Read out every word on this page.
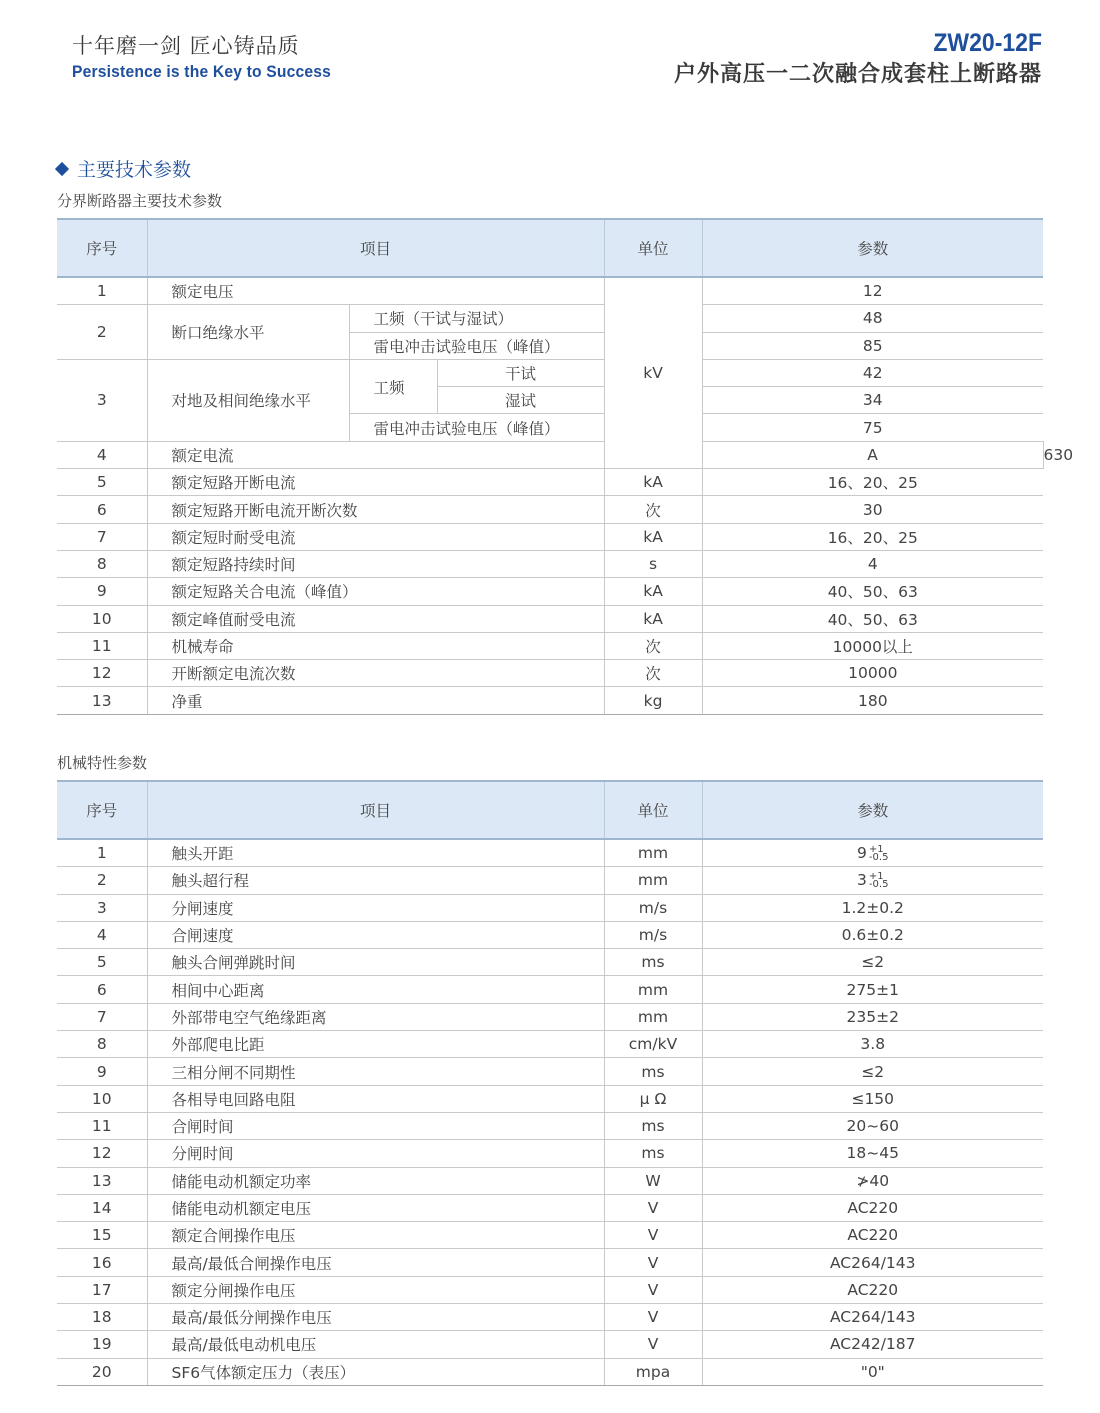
十年磨一剑 匠心铸品质
Persistence is the Key to Success
ZW20-12F
户外高压一二次融合成套柱上断路器
主要技术参数
分界断路器主要技术参数
序号	项目			单位	参数	
1	额定电压			kV	12	
2	断口绝缘水平	工频（干试与湿试）			48	
		雷电冲击试验电压（峰值）			85	
3	对地及相间绝缘水平	工频	干试		42	
			湿试		34	
		雷电冲击试验电压（峰值）			75	
4	额定电流				A	630
5	额定短路开断电流			kA	16、20、25	
6	额定短路开断电流开断次数			次	30	
7	额定短时耐受电流			kA	16、20、25	
8	额定短路持续时间			s	4	
9	额定短路关合电流（峰值）			kA	40、50、63	
10	额定峰值耐受电流			kA	40、50、63	
11	机械寿命			次	10000以上	
12	开断额定电流次数			次	10000	
13	净重			kg	180	
机械特性参数
序号	项目	单位	参数
1	触头开距	mm	9 +1
-0.5

2	触头超行程	mm	3 +1
-0.5

3	分闸速度	m/s	1.2±0.2
4	合闸速度	m/s	0.6±0.2
5	触头合闸弹跳时间	ms	≤2
6	相间中心距离	mm	275±1
7	外部带电空气绝缘距离	mm	235±2
8	外部爬电比距	cm/kV	3.8
9	三相分闸不同期性	ms	≤2
10	各相导电回路电阻	μ Ω	≤150
11	合闸时间	ms	20~60
12	分闸时间	ms	18~45
13	储能电动机额定功率	W	≯40
14	储能电动机额定电压	V	AC220
15	额定合闸操作电压	V	AC220
16	最高/最低合闸操作电压	V	AC264/143
17	额定分闸操作电压	V	AC220
18	最高/最低分闸操作电压	V	AC264/143
19	最高/最低电动机电压	V	AC242/187
20	SF6气体额定压力（表压）	mpa	"0"
